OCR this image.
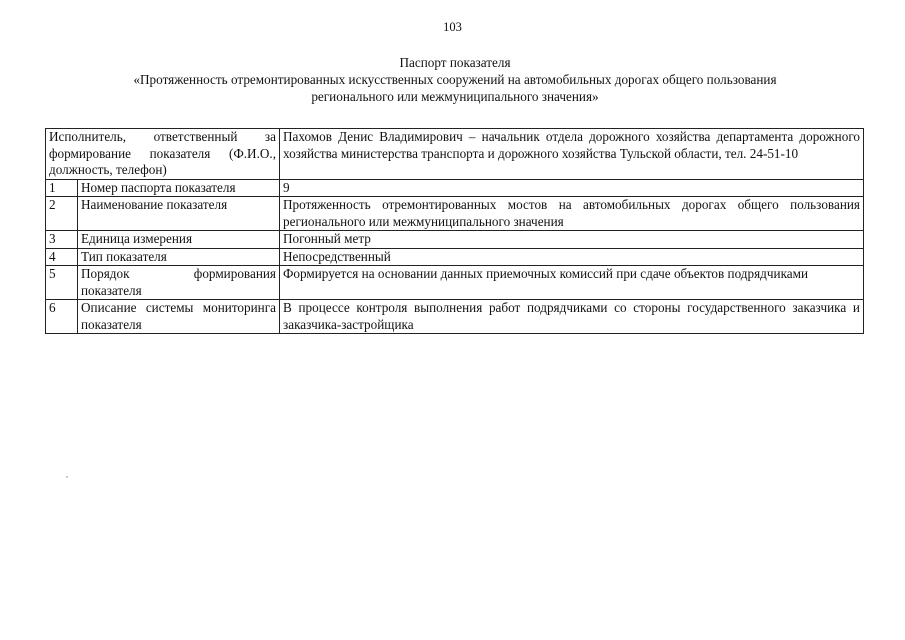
103
Паспорт показателя
«Протяженность отремонтированных искусственных сооружений на автомобильных дорогах общего пользования
регионального или межмуниципального значения»
Исполнитель, ответственный за формирование показателя (Ф.И.О., должность, телефон)		Пахомов Денис Владимирович – начальник отдела дорожного хозяйства департамента дорожного хозяйства министерства транспорта и дорожного хозяйства Тульской области, тел. 24-51-10
1	Номер паспорта показателя	9
2	Наименование показателя	Протяженность отремонтированных мостов на автомобильных дорогах общего пользования регионального или межмуниципального значения
3	Единица измерения	Погонный метр
4	Тип показателя	Непосредственный
5	Порядок формирования показателя	Формируется на основании данных приемочных комиссий при сдаче объектов подрядчиками
6	Описание системы мониторинга показателя	В процессе контроля выполнения работ подрядчиками со стороны государственного заказчика и заказчика-застройщика
